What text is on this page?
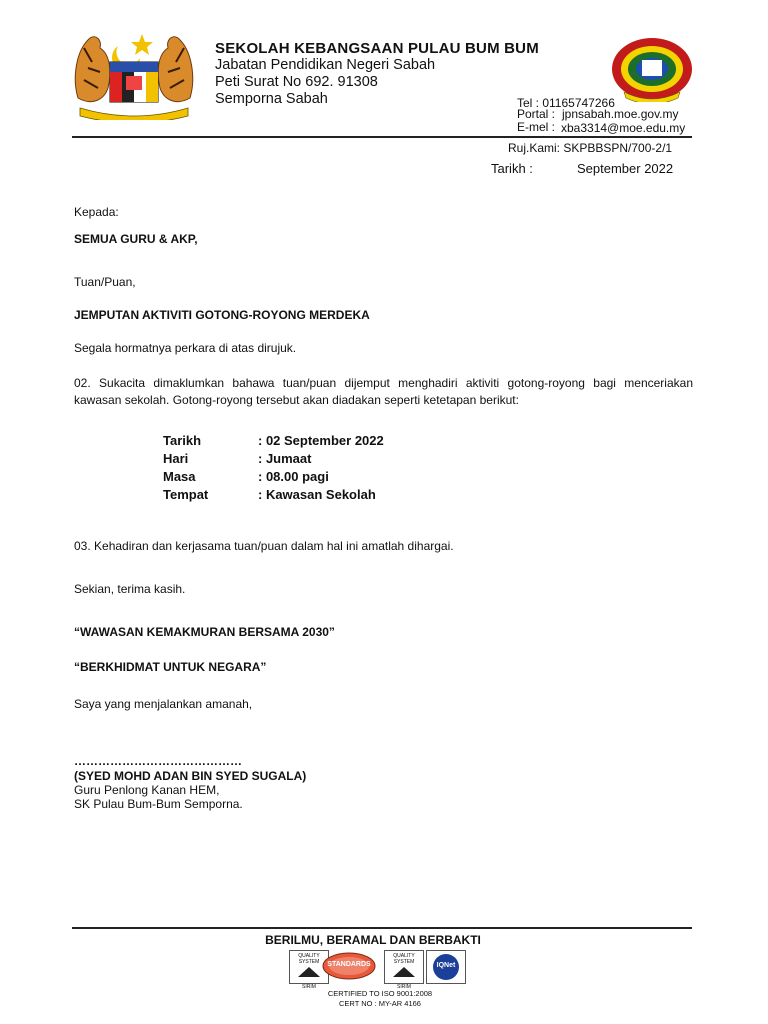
SEKOLAH KEBANGSAAN PULAU BUM BUM
Jabatan Pendidikan Negeri Sabah
Peti Surat No 692. 91308
Semporna Sabah	Tel : 01165747266
Portal : jpnsabah.moe.gov.my
E-mel : xba3314@moe.edu.my
Ruj.Kami: SKPBBSPN/700-2/1
Tarikh :	September 2022
Kepada:
SEMUA GURU & AKP,
Tuan/Puan,
JEMPUTAN AKTIVITI GOTONG-ROYONG MERDEKA
Segala hormatnya perkara di atas dirujuk.
02. Sukacita dimaklumkan bahawa tuan/puan dijemput menghadiri aktiviti gotong-royong bagi menceriakan kawasan sekolah. Gotong-royong tersebut akan diadakan seperti ketetapan berikut:
Tarikh
Hari
Masa
Tempat
: 02 September 2022
: Jumaat
: 08.00 pagi
: Kawasan Sekolah
03. Kehadiran dan kerjasama tuan/puan dalam hal ini amatlah dihargai.
Sekian, terima kasih.
“WAWASAN KEMAKMURAN BERSAMA 2030”
“BERKHIDMAT UNTUK NEGARA”
Saya yang menjalankan amanah,
……………………………………
(SYED MOHD ADAN BIN SYED SUGALA)
Guru Penlong Kanan HEM,
SK Pulau Bum-Bum Semporna.
BERILMU, BERAMAL DAN BERBAKTI
QUALITY SYSTEM
SIRIM
STANDARDS
QUALITY SYSTEM
SIRIM
IQNet
CERTIFIED TO ISO 9001:2008
CERT NO : MY-AR 4166
